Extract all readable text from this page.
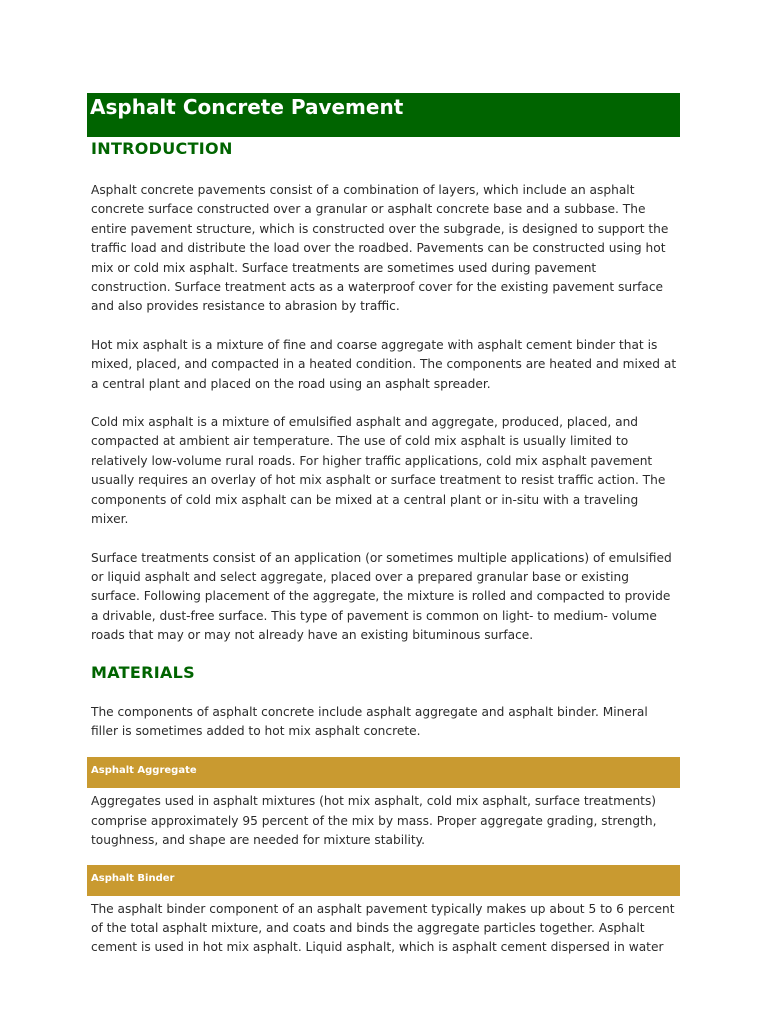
Asphalt Concrete Pavement
INTRODUCTION

Asphalt concrete pavements consist of a combination of layers, which include an asphalt concrete surface constructed over a granular or asphalt concrete base and a subbase. The entire pavement structure, which is constructed over the subgrade, is designed to support the traffic load and distribute the load over the roadbed. Pavements can be constructed using hot mix or cold mix asphalt. Surface treatments are sometimes used during pavement construction. Surface treatment acts as a waterproof cover for the existing pavement surface and also provides resistance to abrasion by traffic.

Hot mix asphalt is a mixture of fine and coarse aggregate with asphalt cement binder that is mixed, placed, and compacted in a heated condition. The components are heated and mixed at a central plant and placed on the road using an asphalt spreader.

Cold mix asphalt is a mixture of emulsified asphalt and aggregate, produced, placed, and compacted at ambient air temperature. The use of cold mix asphalt is usually limited to relatively low-volume rural roads. For higher traffic applications, cold mix asphalt pavement usually requires an overlay of hot mix asphalt or surface treatment to resist traffic action. The components of cold mix asphalt can be mixed at a central plant or in-situ with a traveling mixer.

Surface treatments consist of an application (or sometimes multiple applications) of emulsified or liquid asphalt and select aggregate, placed over a prepared granular base or existing surface. Following placement of the aggregate, the mixture is rolled and compacted to provide a drivable, dust-free surface. This type of pavement is common on light- to medium- volume roads that may or may not already have an existing bituminous surface.

MATERIALS

The components of asphalt concrete include asphalt aggregate and asphalt binder. Mineral filler is sometimes added to hot mix asphalt concrete.

Asphalt Aggregate

Aggregates used in asphalt mixtures (hot mix asphalt, cold mix asphalt, surface treatments) comprise approximately 95 percent of the mix by mass. Proper aggregate grading, strength, toughness, and shape are needed for mixture stability.

Asphalt Binder

The asphalt binder component of an asphalt pavement typically makes up about 5 to 6 percent of the total asphalt mixture, and coats and binds the aggregate particles together. Asphalt cement is used in hot mix asphalt. Liquid asphalt, which is asphalt cement dispersed in water
